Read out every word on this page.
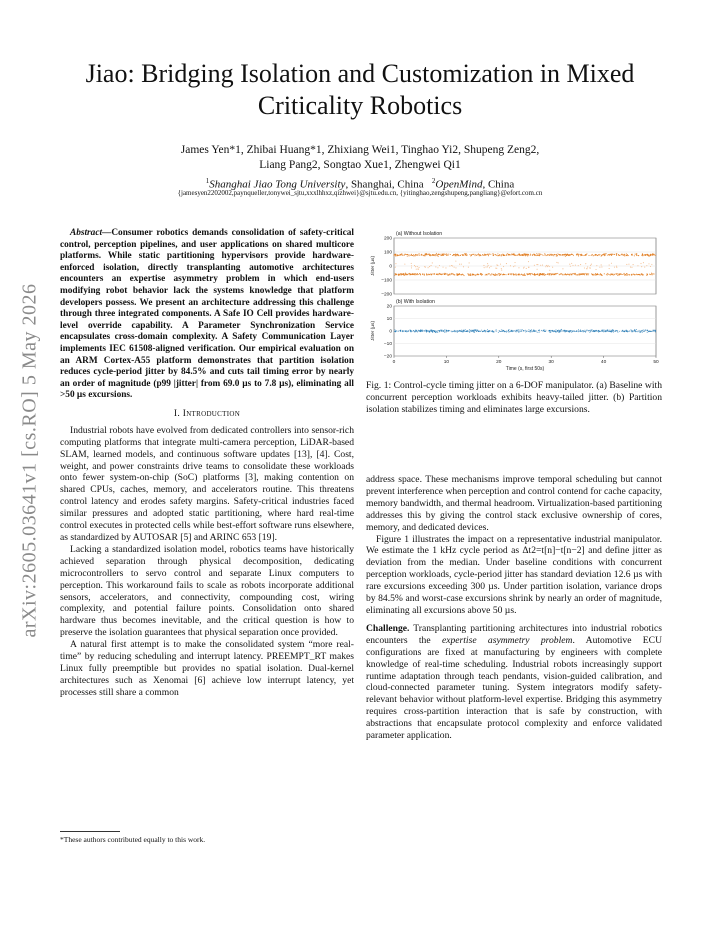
arXiv:2605.03641v1 [cs.RO] 5 May 2026
Jiao: Bridging Isolation and Customization in Mixed Criticality Robotics
James Yen*1, Zhibai Huang*1, Zhixiang Wei1, Tinghao Yi2, Shupeng Zeng2,
Liang Pang2, Songtao Xue1, Zhengwei Qi1
$^1$Shanghai Jiao Tong University, Shanghai, China $^2$OpenMind, China
{jamesyen2202002,paynqueller,tonywei_sjtu,xxxlhhxz,qizhwei}@sjtu.edu.cn, {yitinghao,zengshupeng,pangliang}@efort.com.cn

Abstract—Consumer robotics demands consolidation of safety-critical control, perception pipelines, and user applications on shared multicore platforms. While static partitioning hypervisors provide hardware-enforced isolation, directly transplanting automotive architectures encounters an expertise asymmetry problem in which end-users modifying robot behavior lack the systems knowledge that platform developers possess. We present an architecture addressing this challenge through three integrated components. A Safe IO Cell provides hardware-level override capability. A Parameter Synchronization Service encapsulates cross-domain complexity. A Safety Communication Layer implements IEC 61508-aligned verification. Our empirical evaluation on an ARM Cortex-A55 platform demonstrates that partition isolation reduces cycle-period jitter by 84.5% and cuts tail timing error by nearly an order of magnitude (p99 |jitter| from 69.0 µs to 7.8 µs), eliminating all >50 µs excursions.

I. Introduction

Industrial robots have evolved from dedicated controllers into sensor-rich computing platforms that integrate multi-camera perception, LiDAR-based SLAM, learned models, and continuous software updates [13], [4]. Cost, weight, and power constraints drive teams to consolidate these workloads onto fewer system-on-chip (SoC) platforms [3], making contention on shared CPUs, caches, memory, and accelerators routine. This threatens control latency and erodes safety margins. Safety-critical industries faced similar pressures and adopted static partitioning, where hard real-time control executes in protected cells while best-effort software runs elsewhere, as standardized by AUTOSAR [5] and ARINC 653 [19].

Lacking a standardized isolation model, robotics teams have historically achieved separation through physical decomposition, dedicating microcontrollers to servo control and separate Linux computers to perception. This workaround fails to scale as robots incorporate additional sensors, accelerators, and connectivity, compounding cost, wiring complexity, and potential failure points. Consolidation onto shared hardware thus becomes inevitable, and the critical question is how to preserve the isolation guarantees that physical separation once provided.

A natural first attempt is to make the consolidated system “more real-time” by reducing scheduling and interrupt latency. PREEMPT_RT makes Linux fully preemptible but provides no spatial isolation. Dual-kernel architectures such as Xenomai [6] achieve low interrupt latency, yet processes still share a common

*These authors contributed equally to this work.
(a) Without Isolation
200
100
0
−100
−200
Jitter (µs)
(b) With Isolation
20
10
0
−10
−20
Jitter (µs)
0	10	20	30	40	50
Time (s, first 50s)
Fig. 1: Control-cycle timing jitter on a 6-DOF manipulator. (a) Baseline with concurrent perception workloads exhibits heavy-tailed jitter. (b) Partition isolation stabilizes timing and eliminates large excursions.

address space. These mechanisms improve temporal scheduling but cannot prevent interference when perception and control contend for cache capacity, memory bandwidth, and thermal headroom. Virtualization-based partitioning addresses this by giving the control stack exclusive ownership of cores, memory, and dedicated devices.

Figure 1 illustrates the impact on a representative industrial manipulator. We estimate the 1 kHz cycle period as Δt2=t[n]−t[n−2] and define jitter as deviation from the median. Under baseline conditions with concurrent perception workloads, cycle-period jitter has standard deviation 12.6 µs with rare excursions exceeding 300 µs. Under partition isolation, variance drops by 84.5% and worst-case excursions shrink by nearly an order of magnitude, eliminating all excursions above 50 µs.

Challenge. Transplanting partitioning architectures into industrial robotics encounters the expertise asymmetry problem. Automotive ECU configurations are fixed at manufacturing by engineers with complete knowledge of real-time scheduling. Industrial robots increasingly support runtime adaptation through teach pendants, vision-guided calibration, and cloud-connected parameter tuning. System integrators modify safety-relevant behavior without platform-level expertise. Bridging this asymmetry requires cross-partition interaction that is safe by construction, with abstractions that encapsulate protocol complexity and enforce validated parameter application.
